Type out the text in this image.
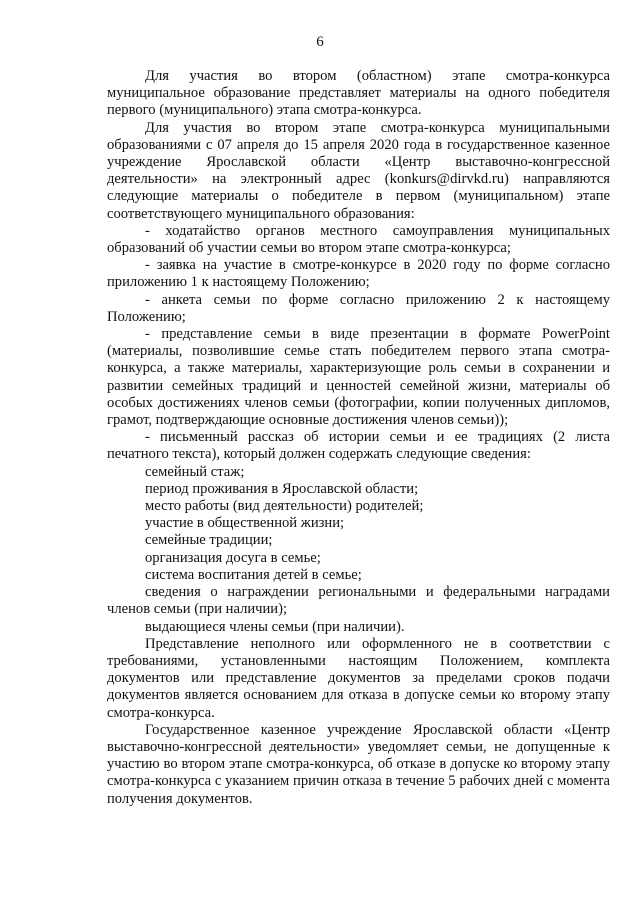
6

Для участия во втором (областном) этапе смотра-конкурса муниципальное образование представляет материалы на одного победителя первого (муниципального) этапа смотра-конкурса.

Для участия во втором этапе смотра-конкурса муниципальными образованиями с 07 апреля до 15 апреля 2020 года в государственное казенное учреждение Ярославской области «Центр выставочно-конгрессной деятельности» на электронный адрес (konkurs@dirvkd.ru) направляются следующие материалы о победителе в первом (муниципальном) этапе соответствующего муниципального образования:

- ходатайство органов местного самоуправления муниципальных образований об участии семьи во втором этапе смотра-конкурса;

- заявка на участие в смотре-конкурсе в 2020 году по форме согласно приложению 1 к настоящему Положению;

- анкета семьи по форме согласно приложению 2 к настоящему Положению;

- представление семьи в виде презентации в формате PowerPoint (материалы, позволившие семье стать победителем первого этапа смотра-конкурса, а также материалы, характеризующие роль семьи в сохранении и развитии семейных традиций и ценностей семейной жизни, материалы об особых достижениях членов семьи (фотографии, копии полученных дипломов, грамот, подтверждающие основные достижения членов семьи));

- письменный рассказ об истории семьи и ее традициях (2 листа печатного текста), который должен содержать следующие сведения:

семейный стаж;

период проживания в Ярославской области;

место работы (вид деятельности) родителей;

участие в общественной жизни;

семейные традиции;

организация досуга в семье;

система воспитания детей в семье;

сведения о награждении региональными и федеральными наградами членов семьи (при наличии);

выдающиеся члены семьи (при наличии).

Представление неполного или оформленного не в соответствии с требованиями, установленными настоящим Положением, комплекта документов или представление документов за пределами сроков подачи документов является основанием для отказа в допуске семьи ко второму этапу смотра-конкурса.

Государственное казенное учреждение Ярославской области «Центр выставочно-конгрессной деятельности» уведомляет семьи, не допущенные к участию во втором этапе смотра-конкурса, об отказе в допуске ко второму этапу смотра-конкурса с указанием причин отказа в течение 5 рабочих дней с момента получения документов.
